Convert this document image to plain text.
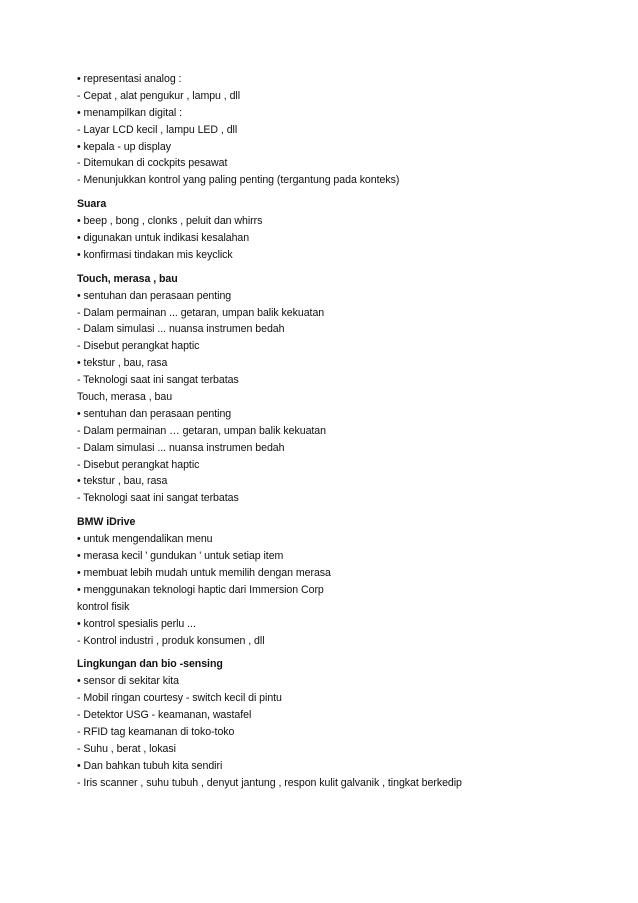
• representasi analog :
- Cepat , alat pengukur , lampu , dll
• menampilkan digital :
- Layar LCD kecil , lampu LED , dll
• kepala - up display
- Ditemukan di cockpits pesawat
- Menunjukkan kontrol yang paling penting (tergantung pada konteks)
Suara
• beep , bong , clonks , peluit dan whirrs
• digunakan untuk indikasi kesalahan
• konfirmasi tindakan mis keyclick
Touch, merasa , bau
• sentuhan dan perasaan penting
- Dalam permainan ... getaran, umpan balik kekuatan
- Dalam simulasi ... nuansa instrumen bedah
- Disebut perangkat haptic
• tekstur , bau, rasa
- Teknologi saat ini sangat terbatas
Touch, merasa , bau
• sentuhan dan perasaan penting
- Dalam permainan … getaran, umpan balik kekuatan
- Dalam simulasi ... nuansa instrumen bedah
- Disebut perangkat haptic
• tekstur , bau, rasa
- Teknologi saat ini sangat terbatas
BMW iDrive
• untuk mengendalikan menu
• merasa kecil ' gundukan ' untuk setiap item
• membuat lebih mudah untuk memilih dengan merasa
• menggunakan teknologi haptic dari Immersion Corp
kontrol fisik
• kontrol spesialis perlu ...
- Kontrol industri , produk konsumen , dll
Lingkungan dan bio -sensing
• sensor di sekitar kita
- Mobil ringan courtesy - switch kecil di pintu
- Detektor USG - keamanan, wastafel
- RFID tag keamanan di toko-toko
- Suhu , berat , lokasi
• Dan bahkan tubuh kita sendiri
- Iris scanner , suhu tubuh , denyut jantung , respon kulit galvanik , tingkat berkedip
